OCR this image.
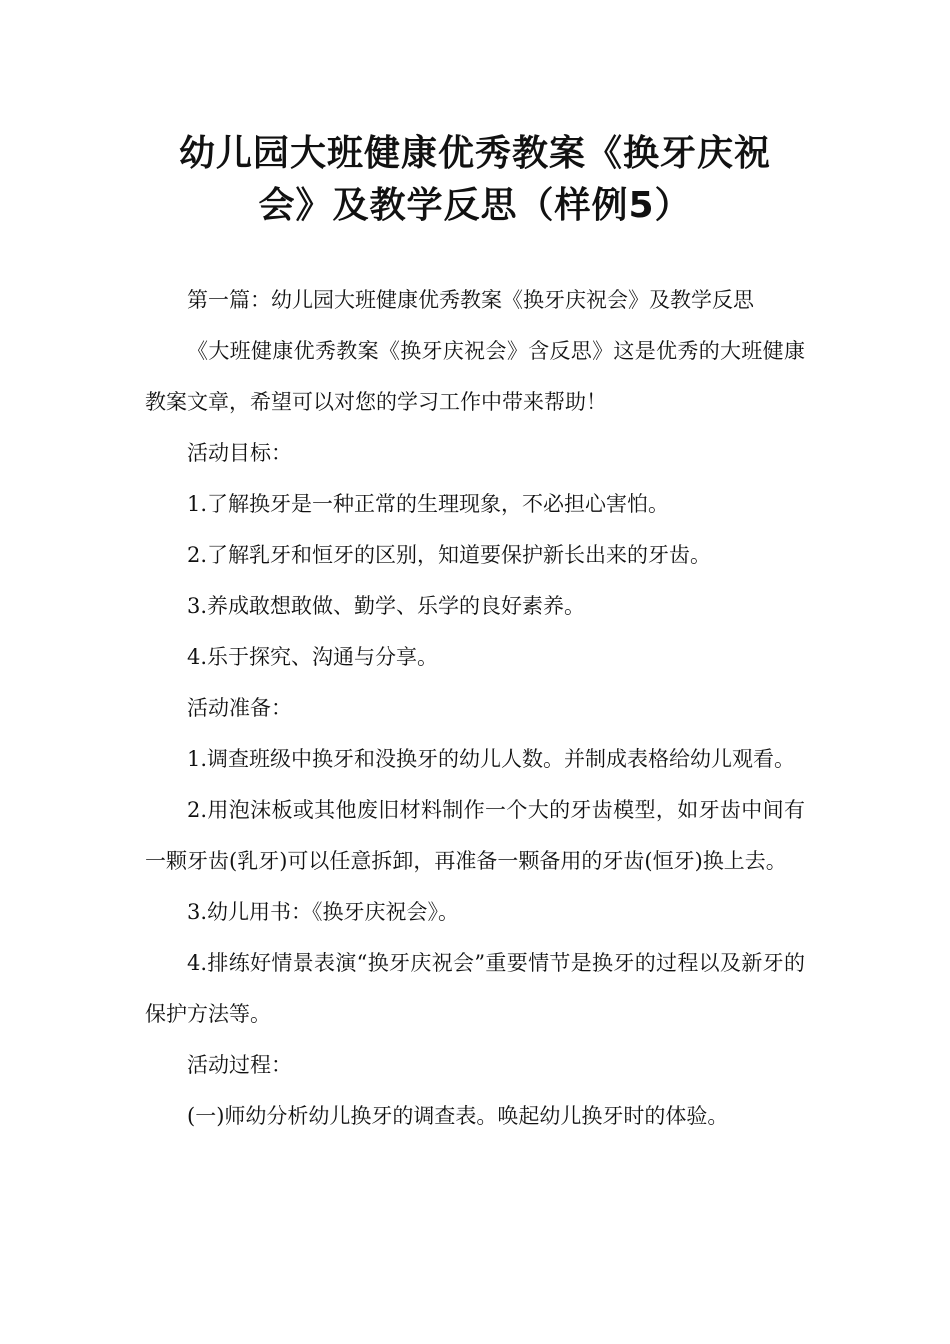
幼儿园大班健康优秀教案《换牙庆祝
会》及教学反思（样例5）

第一篇：幼儿园大班健康优秀教案《换牙庆祝会》及教学反思

《大班健康优秀教案《换牙庆祝会》含反思》这是优秀的大班健康教案文章，希望可以对您的学习工作中带来帮助！

活动目标：

1.了解换牙是一种正常的生理现象，不必担心害怕。

2.了解乳牙和恒牙的区别，知道要保护新长出来的牙齿。

3.养成敢想敢做、勤学、乐学的良好素养。

4.乐于探究、沟通与分享。

活动准备：

1.调查班级中换牙和没换牙的幼儿人数。并制成表格给幼儿观看。

2.用泡沫板或其他废旧材料制作一个大的牙齿模型，如牙齿中间有一颗牙齿(乳牙)可以任意拆卸，再准备一颗备用的牙齿(恒牙)换上去。

3.幼儿用书：《换牙庆祝会》。

4.排练好情景表演“换牙庆祝会”重要情节是换牙的过程以及新牙的保护方法等。

活动过程：

(一)师幼分析幼儿换牙的调查表。唤起幼儿换牙时的体验。
